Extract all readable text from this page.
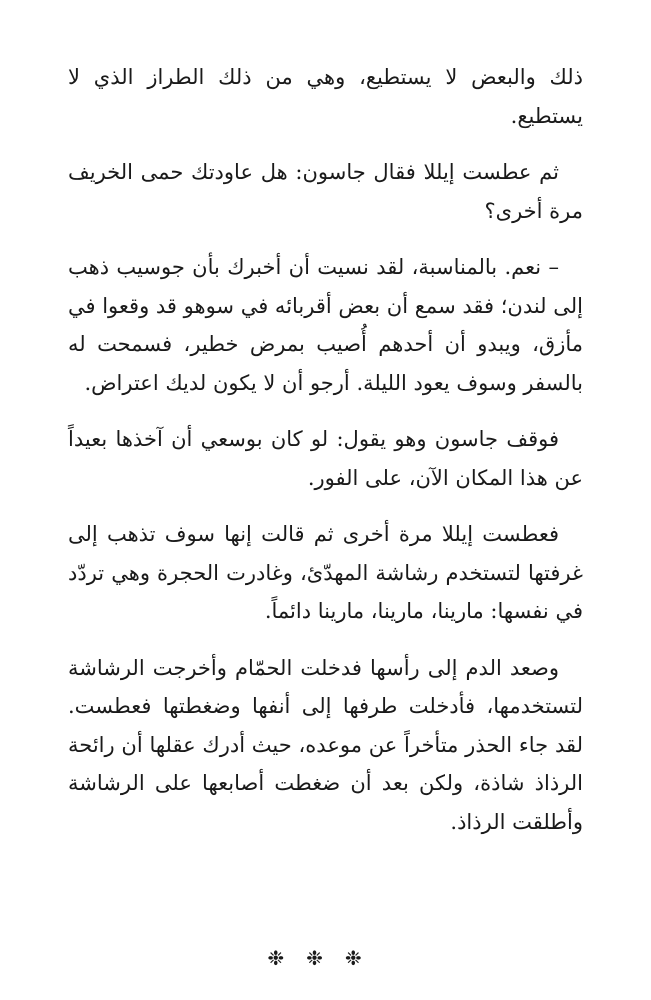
ذلك والبعض لا يستطيع، وهي من ذلك الطراز الذي لا يستطيع.

ثم عطست إيللا فقال جاسون: هل عاودتك حمى الخريف مرة أخرى؟

– نعم. بالمناسبة، لقد نسيت أن أخبرك بأن جوسيب ذهب إلى لندن؛ فقد سمع أن بعض أقربائه في سوهو قد وقعوا في مأزق، ويبدو أن أحدهم أُصيب بمرض خطير، فسمحت له بالسفر وسوف يعود الليلة. أرجو أن لا يكون لديك اعتراض.

فوقف جاسون وهو يقول: لو كان بوسعي أن آخذها بعيداً عن هذا المكان الآن، على الفور.

فعطست إيللا مرة أخرى ثم قالت إنها سوف تذهب إلى غرفتها لتستخدم رشاشة المهدّئ، وغادرت الحجرة وهي تردّد في نفسها: مارينا، مارينا، مارينا دائماً.

وصعد الدم إلى رأسها فدخلت الحمّام وأخرجت الرشاشة لتستخدمها، فأدخلت طرفها إلى أنفها وضغطتها فعطست. لقد جاء الحذر متأخراً عن موعده، حيث أدرك عقلها أن رائحة الرذاذ شاذة، ولكن بعد أن ضغطت أصابعها على الرشاشة وأطلقت الرذاذ.

❉❉❉
